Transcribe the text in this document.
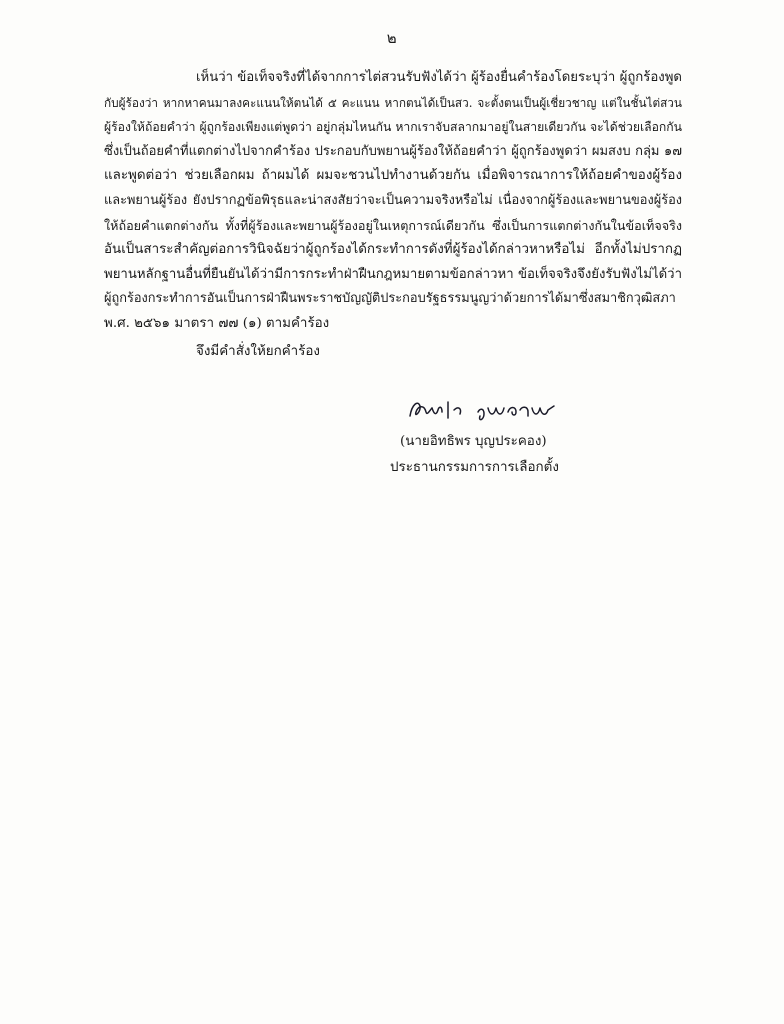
๒
เห็นว่า ข้อเท็จจริงที่ได้จากการไต่สวนรับฟังได้ว่า ผู้ร้องยื่นคำร้องโดยระบุว่า ผู้ถูกร้องพูด
กับผู้ร้องว่า หากหาคนมาลงคะแนนให้ตนได้ ๕ คะแนน หากตนได้เป็นสว. จะตั้งตนเป็นผู้เชี่ยวชาญ แต่ในชั้นไต่สวน
ผู้ร้องให้ถ้อยคำว่า ผู้ถูกร้องเพียงแต่พูดว่า อยู่กลุ่มไหนกัน หากเราจับสลากมาอยู่ในสายเดียวกัน จะได้ช่วยเลือกกัน
ซึ่งเป็นถ้อยคำที่แตกต่างไปจากคำร้อง ประกอบกับพยานผู้ร้องให้ถ้อยคำว่า ผู้ถูกร้องพูดว่า ผมสงบ กลุ่ม ๑๗
และพูดต่อว่า ช่วยเลือกผม ถ้าผมได้ ผมจะชวนไปทำงานด้วยกัน เมื่อพิจารณาการให้ถ้อยคำของผู้ร้อง
และพยานผู้ร้อง ยังปรากฏข้อพิรุธและน่าสงสัยว่าจะเป็นความจริงหรือไม่ เนื่องจากผู้ร้องและพยานของผู้ร้อง
ให้ถ้อยคำแตกต่างกัน ทั้งที่ผู้ร้องและพยานผู้ร้องอยู่ในเหตุการณ์เดียวกัน ซึ่งเป็นการแตกต่างกันในข้อเท็จจริง
อันเป็นสาระสำคัญต่อการวินิจฉัยว่าผู้ถูกร้องได้กระทำการดังที่ผู้ร้องได้กล่าวหาหรือไม่ อีกทั้งไม่ปรากฏ
พยานหลักฐานอื่นที่ยืนยันได้ว่ามีการกระทำฝ่าฝืนกฎหมายตามข้อกล่าวหา ข้อเท็จจริงจึงยังรับฟังไม่ได้ว่า
ผู้ถูกร้องกระทำการอันเป็นการฝ่าฝืนพระราชบัญญัติประกอบรัฐธรรมนูญว่าด้วยการได้มาซึ่งสมาชิกวุฒิสภา
พ.ศ. ๒๕๖๑ มาตรา ๗๗ (๑) ตามคำร้อง
จึงมีคำสั่งให้ยกคำร้อง
(นายอิทธิพร บุญประคอง)
ประธานกรรมการการเลือกตั้ง
